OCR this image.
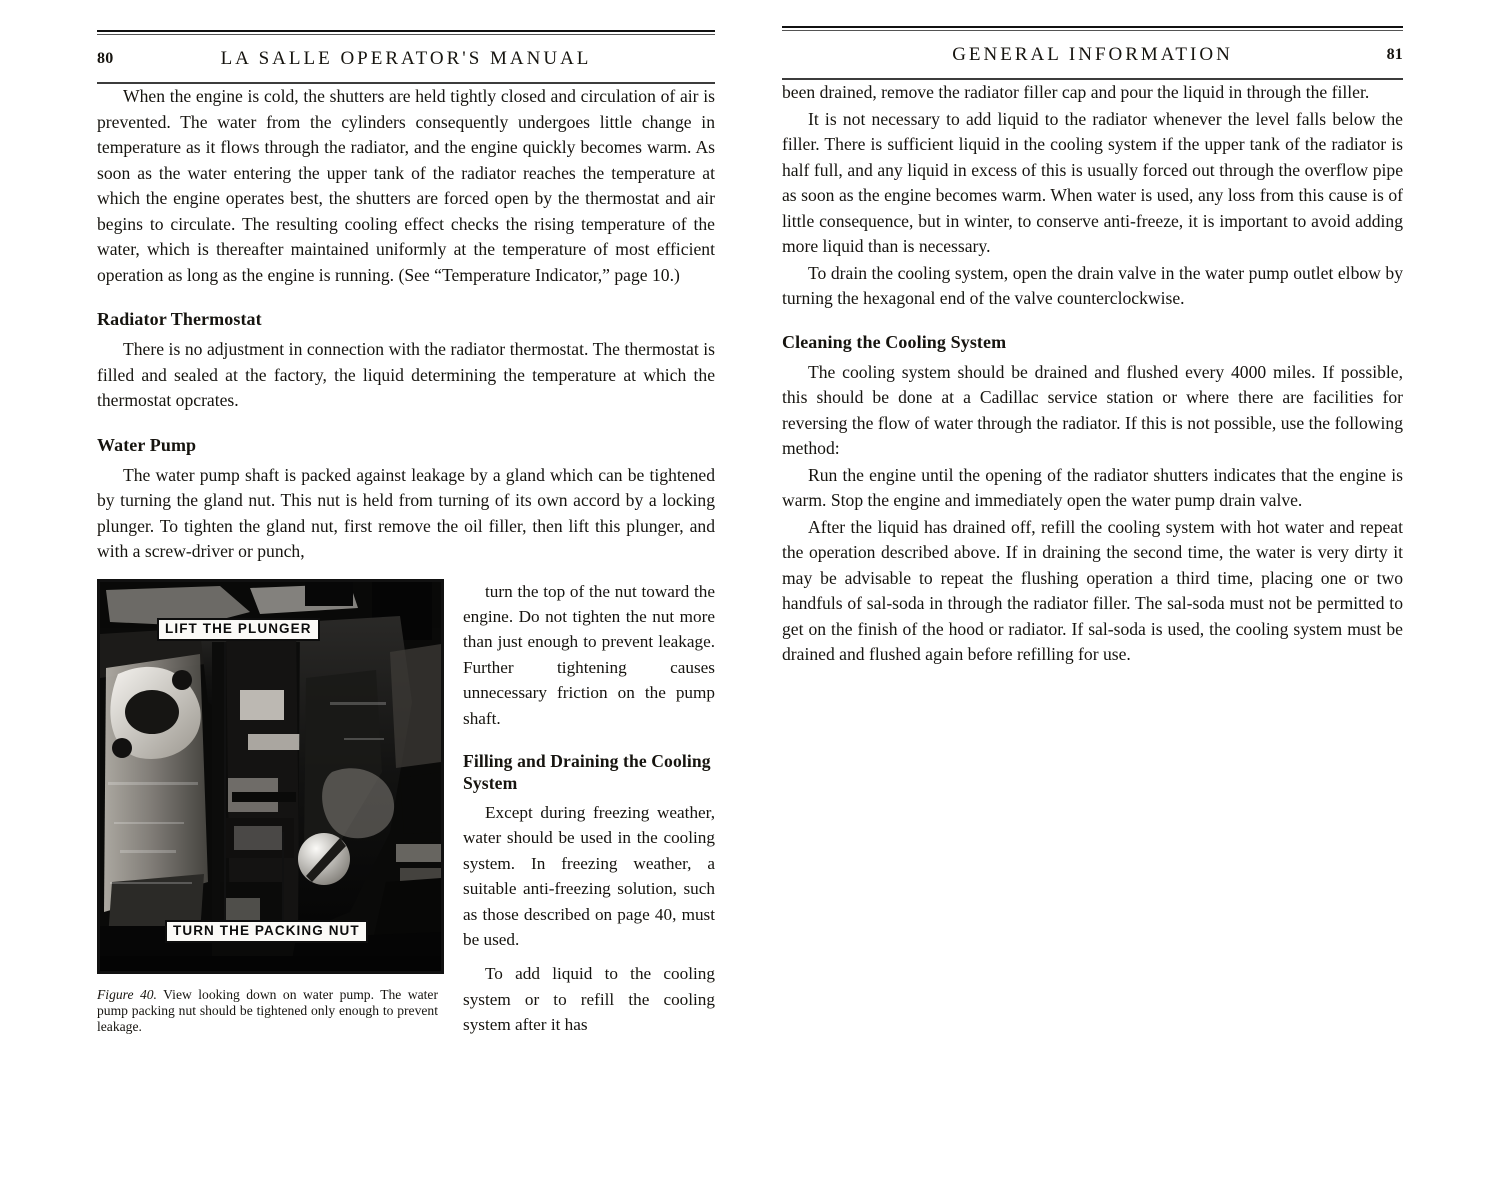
80	LA SALLE OPERATOR'S MANUAL

When the engine is cold, the shutters are held tightly closed and circulation of air is prevented. The water from the cylinders consequently undergoes little change in temperature as it flows through the radiator, and the engine quickly becomes warm. As soon as the water entering the upper tank of the radiator reaches the temperature at which the engine operates best, the shutters are forced open by the thermostat and air begins to circulate. The resulting cooling effect checks the rising temperature of the water, which is thereafter maintained uniformly at the temperature of most efficient operation as long as the engine is running. (See “Temperature Indicator,” page 10.)

Radiator Thermostat

There is no adjustment in connection with the radiator thermostat. The thermostat is filled and sealed at the factory, the liquid determining the temperature at which the thermostat opcrates.

Water Pump

The water pump shaft is packed against leakage by a gland which can be tightened by turning the gland nut. This nut is held from turning of its own accord by a locking plunger. To tighten the gland nut, first remove the oil filler, then lift this plunger, and with a screw-driver or punch,

LIFT THE PLUNGER
TURN THE PACKING NUT
Figure 40. View looking down on water pump. The water pump packing nut should be tightened only enough to prevent leakage.

turn the top of the nut toward the engine. Do not tighten the nut more than just enough to prevent leakage. Further tightening causes unnecessary friction on the pump shaft.

Filling and Draining the Cooling System

Except during freezing weather, water should be used in the cooling system. In freezing weather, a suitable anti-freezing solution, such as those described on page 40, must be used.

To add liquid to the cooling system or to refill the cooling system after it has

GENERAL INFORMATION	81

been drained, remove the radiator filler cap and pour the liquid in through the filler.

It is not necessary to add liquid to the radiator whenever the level falls below the filler. There is sufficient liquid in the cooling system if the upper tank of the radiator is half full, and any liquid in excess of this is usually forced out through the overflow pipe as soon as the engine becomes warm. When water is used, any loss from this cause is of little consequence, but in winter, to conserve anti-freeze, it is important to avoid adding more liquid than is necessary.

To drain the cooling system, open the drain valve in the water pump outlet elbow by turning the hexagonal end of the valve counterclockwise.

Cleaning the Cooling System

The cooling system should be drained and flushed every 4000 miles. If possible, this should be done at a Cadillac service station or where there are facilities for reversing the flow of water through the radiator. If this is not possible, use the following method:

Run the engine until the opening of the radiator shutters indicates that the engine is warm. Stop the engine and immediately open the water pump drain valve.

After the liquid has drained off, refill the cooling system with hot water and repeat the operation described above. If in draining the second time, the water is very dirty it may be advisable to repeat the flushing operation a third time, placing one or two handfuls of sal-soda in through the radiator filler. The sal-soda must not be permitted to get on the finish of the hood or radiator. If sal-soda is used, the cooling system must be drained and flushed again before refilling for use.
